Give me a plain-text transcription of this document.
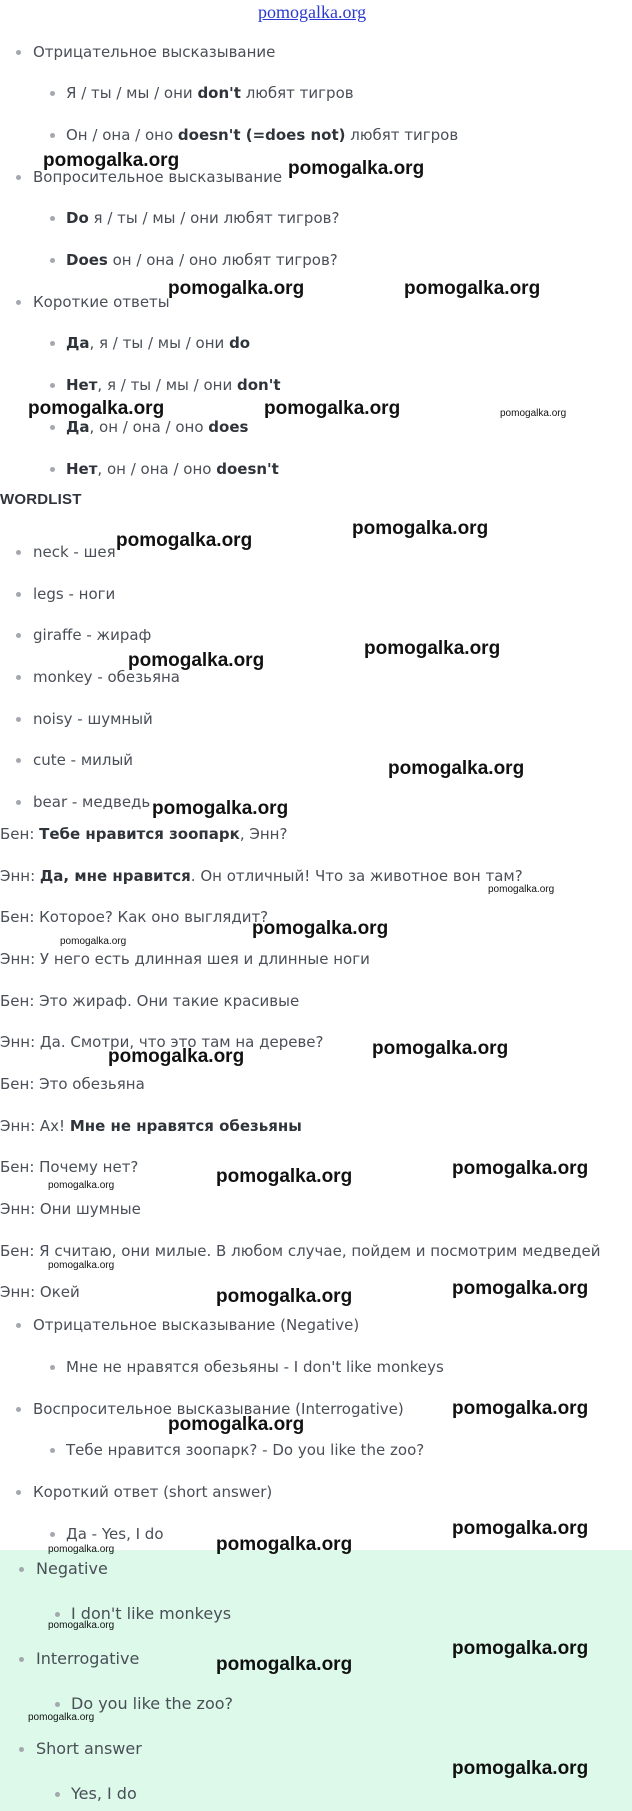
pomogalka.org
Отрицательное высказывание
Я / ты / мы / они don't любят тигров
Он / она / оно doesn't (=does not) любят тигров
Вопросительное высказывание
Do я / ты / мы / они любят тигров?
Does он / она / оно любят тигров?
Короткие ответы
Да, я / ты / мы / они do
Нет, я / ты / мы / они don't
Да, он / она / оно does
Нет, он / она / оно doesn't
WORDLIST
neck - шея
legs - ноги
giraffe - жираф
monkey - обезьяна
noisy - шумный
cute - милый
bear - медведь
Бен: Тебе нравится зоопарк, Энн?
Энн: Да, мне нравится. Он отличный! Что за животное вон там?
Бен: Которое? Как оно выглядит?
Энн: У него есть длинная шея и длинные ноги
Бен: Это жираф. Они такие красивые
Энн: Да. Смотри, что это там на дереве?
Бен: Это обезьяна
Энн: Ах! Мне не нравятся обезьяны
Бен: Почему нет?
Энн: Они шумные
Бен: Я считаю, они милые. В любом случае, пойдем и посмотрим медведей
Энн: Окей
Отрицательное высказывание (Negative)
Мне не нравятся обезьяны - I don't like monkeys
Воспросительное высказывание (Interrogative)
Тебе нравится зоопарк? - Do you like the zoo?
Короткий ответ (short answer)
Да - Yes, I do
Negative
I don't like monkeys
Interrogative
Do you like the zoo?
Short answer
Yes, I do
pomogalka.org	pomogalka.org
pomogalka.org	pomogalka.org
pomogalka.org	pomogalka.org	pomogalka.org
pomogalka.org
pomogalka.org
pomogalka.org
pomogalka.org
pomogalka.org
pomogalka.org
pomogalka.org
pomogalka.org
pomogalka.org
pomogalka.org	pomogalka.org
pomogalka.org	pomogalka.org	pomogalka.org
pomogalka.org
pomogalka.org	pomogalka.org
pomogalka.org
pomogalka.org
pomogalka.org	pomogalka.org
pomogalka.org
pomogalka.org
pomogalka.org
pomogalka.org
pomogalka.org
pomogalka.org
